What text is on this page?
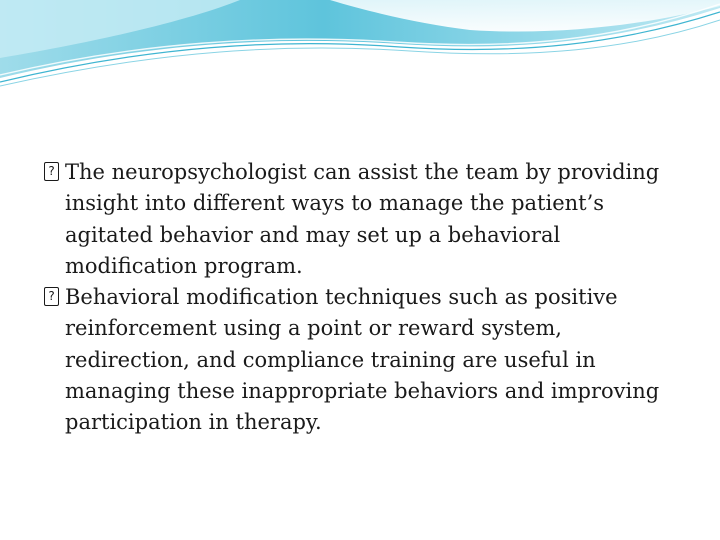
? The neuropsychologist can assist the team by providing insight into different ways to manage the patient’s agitated behavior and may set up a behavioral modification program.

? Behavioral modification techniques such as positive reinforcement using a point or reward system, redirection, and compliance training are useful in managing these inappropriate behaviors and improving participation in therapy.
